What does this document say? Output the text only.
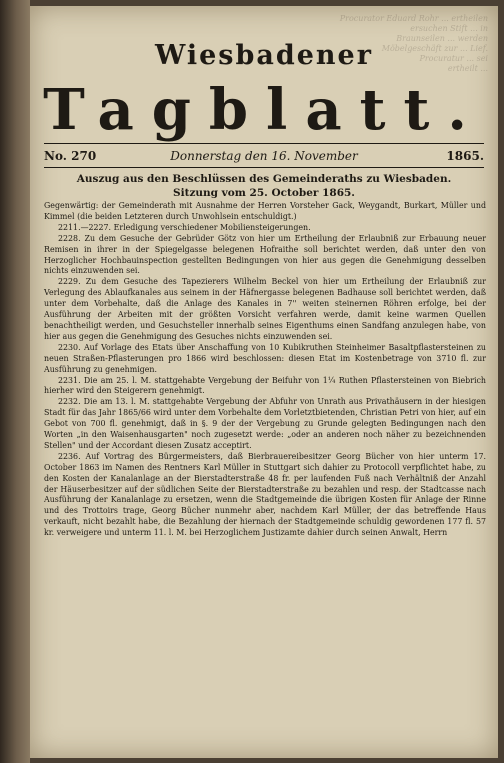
Procurator Eduard Rohr ... ertheilen
ersuchen Stift ... in
Braunseilen ... werden
Möbelgeschäft zur ... Lief.
Procuratur ... sei
ertheilt ...
Wiesbadener
Tagblatt.
No. 270	Donnerstag den 16. November	1865.
Auszug aus den Beschlüssen des Gemeinderaths zu Wiesbaden.
Sitzung vom 25. October 1865.

Gegenwärtig: der Gemeinderath mit Ausnahme der Herren Vorsteher Gack, Weygandt, Burkart, Müller und Kimmel (die beiden Letzteren durch Unwohlsein entschuldigt.)

2211.—2227. Erledigung verschiedener Mobiliensteigerungen.

2228. Zu dem Gesuche der Gebrüder Götz von hier um Ertheilung der Erlaubniß zur Erbauung neuer Remisen in ihrer in der Spiegelgasse belegenen Hofraithe soll berichtet werden, daß unter den von Herzoglicher Hochbauinspection gestellten Bedingungen von hier aus gegen die Genehmigung desselben nichts einzuwenden sei.

2229. Zu dem Gesuche des Tapezierers Wilhelm Beckel von hier um Ertheilung der Erlaubniß zur Verlegung des Ablaufkanales aus seinem in der Häfnergasse belegenen Badhause soll berichtet werden, daß unter dem Vorbehalte, daß die Anlage des Kanales in 7'' weiten steinernen Röhren erfolge, bei der Ausführung der Arbeiten mit der größten Vorsicht verfahren werde, damit keine warmen Quellen benachtheiligt werden, und Gesuchsteller innerhalb seines Eigenthums einen Sandfang anzulegen habe, von hier aus gegen die Genehmigung des Gesuches nichts einzuwenden sei.

2230. Auf Vorlage des Etats über Anschaffung von 10 Kubikruthen Steinheimer Basaltpflastersteinen zu neuen Straßen-Pflasterungen pro 1866 wird beschlossen: diesen Etat im Kostenbetrage von 3710 fl. zur Ausführung zu genehmigen.

2231. Die am 25. l. M. stattgehabte Vergebung der Beifuhr von 1¼ Ruthen Pflastersteinen von Biebrich hierher wird den Steigerern genehmigt.

2232. Die am 13. l. M. stattgehabte Vergebung der Abfuhr von Unrath aus Privathäusern in der hiesigen Stadt für das Jahr 1865/66 wird unter dem Vorbehalte dem Vorletztbietenden, Christian Petri von hier, auf ein Gebot von 700 fl. genehmigt, daß in §. 9 der der Vergebung zu Grunde gelegten Bedingungen nach den Worten „in den Waisenhausgarten" noch zugesetzt werde: „oder an anderen noch näher zu bezeichnenden Stellen" und der Accordant diesen Zusatz acceptirt.

2236. Auf Vortrag des Bürgermeisters, daß Bierbrauereibesitzer Georg Bücher von hier unterm 17. October 1863 im Namen des Rentners Karl Müller in Stuttgart sich dahier zu Protocoll verpflichtet habe, zu den Kosten der Kanalanlage an der Bierstadterstraße 48 fr. per laufenden Fuß nach Verhältniß der Anzahl der Häuserbesitzer auf der südlichen Seite der Bierstadterstraße zu bezahlen und resp. der Stadtcasse nach Ausführung der Kanalanlage zu ersetzen, wenn die Stadtgemeinde die übrigen Kosten für Anlage der Rinne und des Trottoirs trage, Georg Bücher nunmehr aber, nachdem Karl Müller, der das betreffende Haus verkauft, nicht bezahlt habe, die Bezahlung der hiernach der Stadtgemeinde schuldig gewordenen 177 fl. 57 kr. verweigere und unterm 11. l. M. bei Herzoglichem Justizamte dahier durch seinen Anwalt, Herrn
